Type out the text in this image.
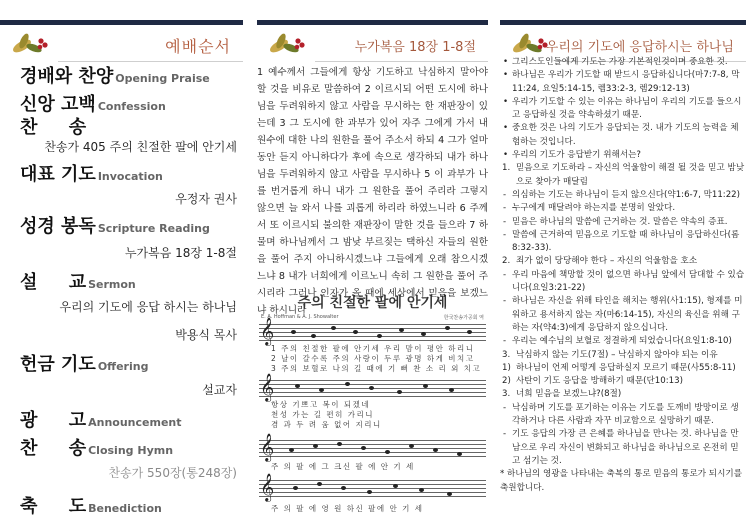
예배순서
경배와 찬양 Opening Praise
신앙 고백 Confession
찬     송
찬송가 405 주의 친절한 팔에 안기세
대표 기도 Invocation
우정자 권사
성경 봉독 Scripture Reading
누가복음 18장 1-8절
설     교 Sermon
우리의 기도에 응답 하시는 하나님
박용식 목사
헌금 기도 Offering
설교자
광     고 Announcement
찬     송 Closing Hymn
찬송가 550장(통248장)
축     도 Benediction
누가복음 18장 1-8절
1 예수께서 그들에게 항상 기도하고 낙심하지 말아야 할 것을 비유로 말씀하여 2 이르시되 어떤 도시에 하나님을 두려워하지 않고 사람을 무시하는 한 재판장이 있는데 3 그 도시에 한 과부가 있어 자주 그에게 가서 내 원수에 대한 나의 원한을 풀어 주소서 하되 4 그가 얼마 동안 듣지 아니하다가 후에 속으로 생각하되 내가 하나님을 두려워하지 않고 사람을 무시하나 5 이 과부가 나를 번거롭게 하니 내가 그 원한을 풀어 주리라 그렇지 않으면 늘 와서 나를 괴롭게 하리라 하였느니라 6 주께서 또 이르시되 불의한 재판장이 말한 것을 들으라 7 하물며 하나님께서 그 밤낮 부르짖는 택하신 자들의 원한을 풀어 주지 아니하시겠느냐 그들에게 오래 참으시겠느냐 8 내가 너희에게 이르노니 속히 그 원한을 풀어 주시리라 그러나 인자가 올 때에 세상에서 믿음을 보겠느냐 하시니라
주의 친절한 팔에 안기세
E. A. Hoffman & A. J. Showalter	한국찬송가공회 역
𝄞
1 주의 친절한 팔에 안기세 우리 맘이 평안 하리니
2 날이 갈수록 주의 사랑이 두루 광명 하게 비치고
3 주의 보혈로 나의 길 때에 기 뻐 찬 소 리 외 치고
𝄞
항상 기쁘고 복이 되겠네
천성 가는 길 편히 가리니
겸 과 두 려 움 없어 지리니
𝄞
주 의 팔 에 그 크신 팔 에 안 기 세
𝄞
주 의 팔 에 영 원 하신 팔에 안 기 세
우리의 기도에 응답하시는 하나님
• 그리스도인들에게 기도는 가장 기본적인것이며 중요한 것.
• 하나님은 우리가 기도할 때 받드시 응답하십니다(마7:7-8, 막11:24, 요일5:14-15, 렘33:2-3, 렘29:12-13)
• 우리가 기도할 수 있는 이유는 하나님이 우리의 기도를 들으시고 응답하실 것을 약속하셨기 때문.
• 중요한 것은 나의 기도가 응답되는 것. 내가 기도의 능력을 체험하는 것입니다.
• 우리의 기도가 응답받기 위해서는?
1. 믿음으로 기도하라 – 자신의 억울함이 해결 될 것을 믿고 밤낮으로 찾아가 매달림
- 의심하는 기도는 하나님이 듣지 않으신다(약1:6-7, 막11:22)
- 누구에게 매달려야 하는지를 분명히 알았다.
- 믿음은 하나님의 말씀에 근거하는 것. 말씀은 약속의 증표.
- 말씀에 근거하여 믿음으로 기도할 때 하나님이 응답하신다(롬8:32-33).
2. 죄가 없이 당당해야 한다 – 자신의 억울함을 호소
- 우리 마음에 책망할 것이 없으면 하나님 앞에서 담대할 수 있습니다(요일3:21-22)
- 하나님은 자신을 위해 타인을 해치는 행위(사1:15), 형제를 미워하고 용서하지 않는 자(마6:14-15), 자신의 육신을 위해 구하는 자(약4:3)에게 응답하지 않으십니다.
- 우리는 예수님의 보혈로 정결하게 되었습니다(요일1:8-10)
3. 낙심하지 않는 기도(7절) – 낙심하지 않아야 되는 이유
1) 하나님이 언제 어떻게 응답하실지 모르기 때문(사55:8-11)
2) 사탄이 기도 응답을 방해하기 때문(단10:13)
3. 너희 믿음을 보겠느냐?(8절)
- 낙심하며 기도를 포기하는 이유는 기도를 도깨비 방망이로 생각하거나 다른 사람과 자꾸 비교함으로 실망하기 때문.
- 기도 응답의 가장 큰 은혜를 하나님을 만나는 것. 하나님을 만남으로 우리 자신이 변화되고 하나님을 하나님으로 온전히 믿고 섬기는 것.
* 하나님의 영광을 나타내는 축복의 통로 믿음의 통로가 되시기를 축원합니다.
